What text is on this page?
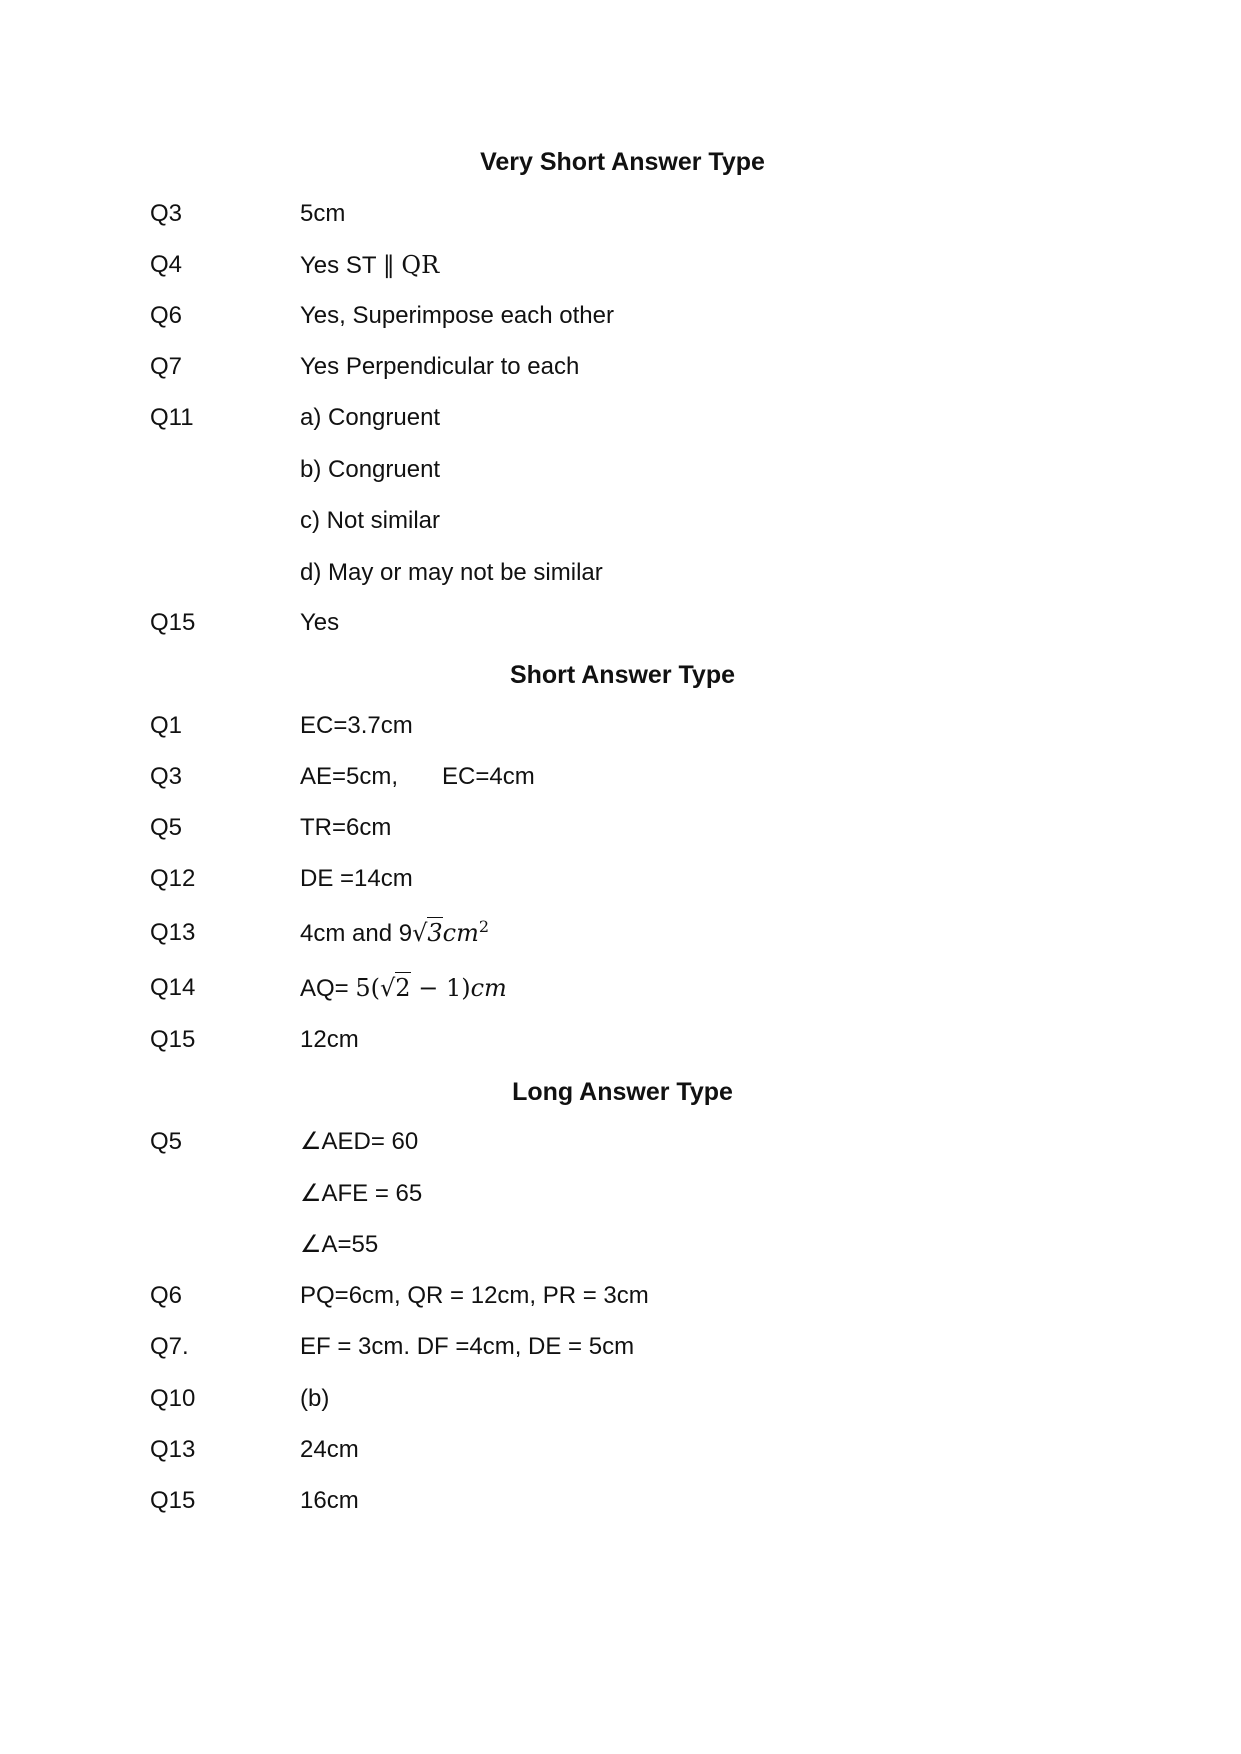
Very Short Answer Type
Q3	5cm
Q4	Yes ST ∥ QR
Q6	Yes, Superimpose each other
Q7	Yes Perpendicular to each
Q11	a) Congruent
b) Congruent
c) Not similar
d) May or may not be similar
Q15	Yes
Short Answer Type
Q1	EC=3.7cm
Q3	AE=5cm, EC=4cm
Q5	TR=6cm
Q12	DE =14cm
Q13	4cm and $9√3cm^2$
Q14	AQ= 5(√2 − 1)cm
Q15	12cm
Long Answer Type
Q5	∠AED= 60
∠AFE = 65
∠A=55
Q6	PQ=6cm, QR = 12cm, PR = 3cm
Q7.	EF = 3cm. DF =4cm, DE = 5cm
Q10	(b)
Q13	24cm
Q15	16cm
